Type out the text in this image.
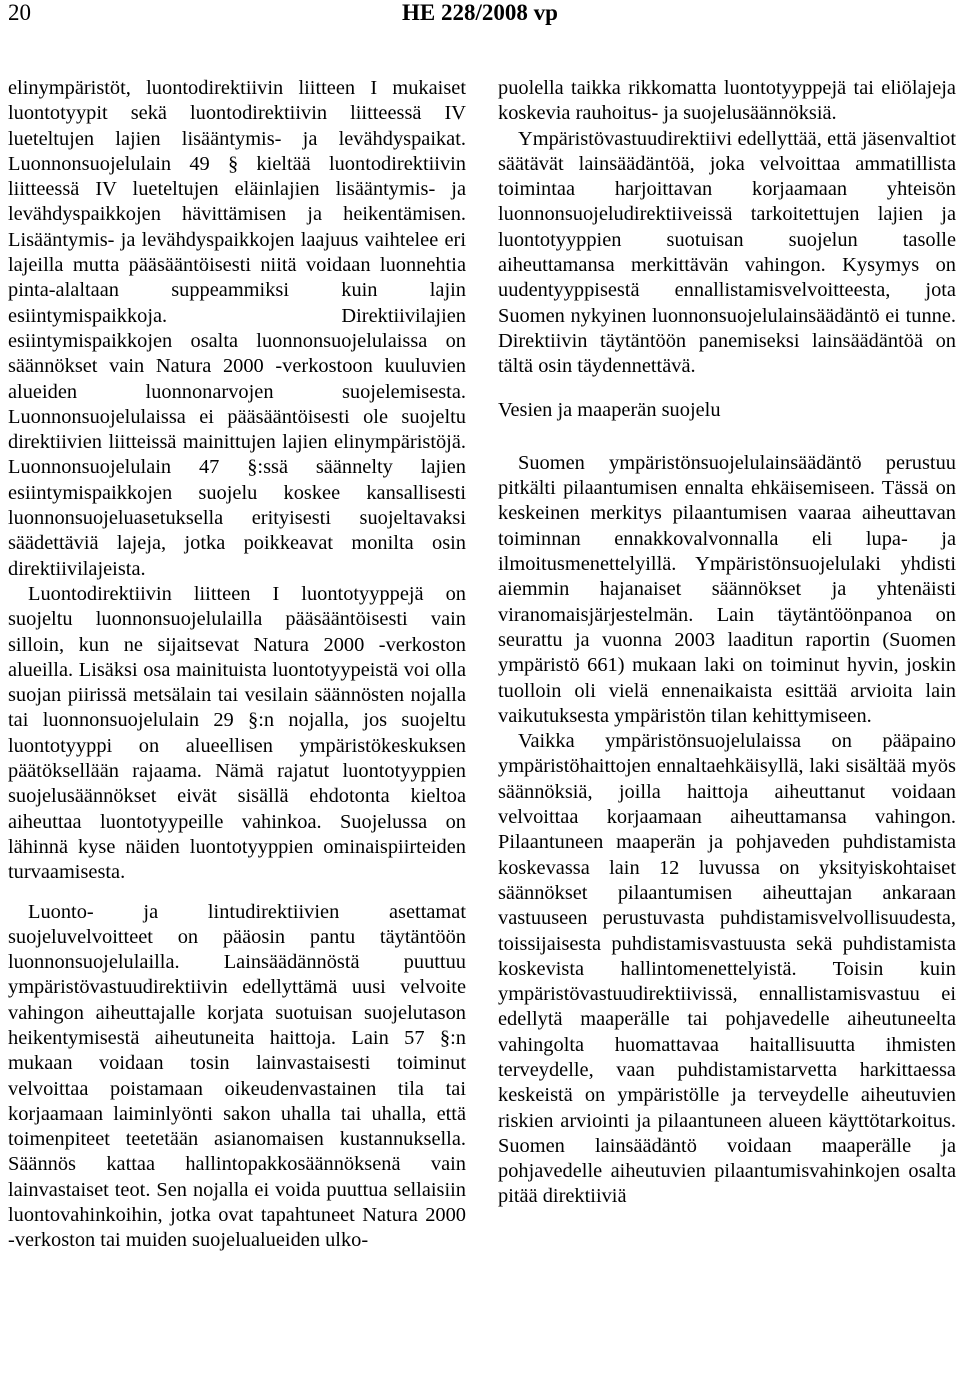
20	HE 228/2008 vp

elinympäristöt, luontodirektiivin liitteen I mukaiset luontotyypit sekä luontodirektiivin liitteessä IV lueteltujen lajien lisääntymis- ja levähdyspaikat. Luonnonsuojelulain 49 § kieltää luontodirektiivin liitteessä IV lueteltujen eläinlajien lisääntymis- ja levähdyspaikkojen hävittämisen ja heikentämisen. Lisääntymis- ja levähdyspaikkojen laajuus vaihtelee eri lajeilla mutta pääsääntöisesti niitä voidaan luonnehtia pinta-alaltaan suppeammiksi kuin lajin esiintymispaikkoja. Direktiivilajien esiintymispaikkojen osalta luonnonsuojelulaissa on säännökset vain Natura 2000 -verkostoon kuuluvien alueiden luonnonarvojen suojelemisesta. Luonnonsuojelulaissa ei pääsääntöisesti ole suojeltu direktiivien liitteissä mainittujen lajien elinympäristöjä. Luonnonsuojelulain 47 §:ssä säännelty lajien esiintymispaikkojen suojelu koskee kansallisesti luonnonsuojeluasetuksella erityisesti suojeltavaksi säädettäviä lajeja, jotka poikkeavat monilta osin direktiivilajeista.

Luontodirektiivin liitteen I luontotyyppejä on suojeltu luonnonsuojelulailla pääsääntöisesti vain silloin, kun ne sijaitsevat Natura 2000 -verkoston alueilla. Lisäksi osa mainituista luontotyypeistä voi olla suojan piirissä metsälain tai vesilain säännösten nojalla tai luonnonsuojelulain 29 §:n nojalla, jos suojeltu luontotyyppi on alueellisen ympäristökeskuksen päätöksellään rajaama. Nämä rajatut luontotyyppien suojelusäännökset eivät sisällä ehdotonta kieltoa aiheuttaa luontotyypeille vahinkoa. Suojelussa on lähinnä kyse näiden luontotyyppien ominaispiirteiden turvaamisesta.

Luonto- ja lintudirektiivien asettamat suojeluvelvoitteet on pääosin pantu täytäntöön luonnonsuojelulailla. Lainsäädännöstä puuttuu ympäristövastuudirektiivin edellyttämä uusi velvoite vahingon aiheuttajalle korjata suotuisan suojelutason heikentymisestä aiheutuneita haittoja. Lain 57 §:n mukaan voidaan tosin lainvastaisesti toiminut velvoittaa poistamaan oikeudenvastainen tila tai korjaamaan laiminlyönti sakon uhalla tai uhalla, että toimenpiteet teetetään asianomaisen kustannuksella. Säännös kattaa hallintopakkosäännöksenä vain lainvastaiset teot. Sen nojalla ei voida puuttua sellaisiin luontovahinkoihin, jotka ovat tapahtuneet Natura 2000 -verkoston tai muiden suojelualueiden ulko-

puolella taikka rikkomatta luontotyyppejä tai eliölajeja koskevia rauhoitus- ja suojelusäännöksiä.

Ympäristövastuudirektiivi edellyttää, että jäsenvaltiot säätävät lainsäädäntöä, joka velvoittaa ammatillista toimintaa harjoittavan korjaamaan yhteisön luonnonsuojeludirektiiveissä tarkoitettujen lajien ja luontotyyppien suotuisan suojelun tasolle aiheuttamansa merkittävän vahingon. Kysymys on uudentyyppisestä ennallistamisvelvoitteesta, jota Suomen nykyinen luonnonsuojelulainsäädäntö ei tunne. Direktiivin täytäntöön panemiseksi lainsäädäntöä on tältä osin täydennettävä.

Vesien ja maaperän suojelu

Suomen ympäristönsuojelulainsäädäntö perustuu pitkälti pilaantumisen ennalta ehkäisemiseen. Tässä on keskeinen merkitys pilaantumisen vaaraa aiheuttavan toiminnan ennakkovalvonnalla eli lupa- ja ilmoitusmenettelyillä. Ympäristönsuojelulaki yhdisti aiemmin hajanaiset säännökset ja yhtenäisti viranomaisjärjestelmän. Lain täytäntöönpanoa on seurattu ja vuonna 2003 laaditun raportin (Suomen ympäristö 661) mukaan laki on toiminut hyvin, joskin tuolloin oli vielä ennenaikaista esittää arvioita lain vaikutuksesta ympäristön tilan kehittymiseen.

Vaikka ympäristönsuojelulaissa on pääpaino ympäristöhaittojen ennaltaehkäisyllä, laki sisältää myös säännöksiä, joilla haittoja aiheuttanut voidaan velvoittaa korjaamaan aiheuttamansa vahingon. Pilaantuneen maaperän ja pohjaveden puhdistamista koskevassa lain 12 luvussa on yksityiskohtaiset säännökset pilaantumisen aiheuttajan ankaraan vastuuseen perustuvasta puhdistamisvelvollisuudesta, toissijaisesta puhdistamisvastuusta sekä puhdistamista koskevista hallintomenettelyistä. Toisin kuin ympäristövastuudirektiivissä, ennallistamisvastuu ei edellytä maaperälle tai pohjavedelle aiheutuneelta vahingolta huomattavaa haitallisuutta ihmisten terveydelle, vaan puhdistamistarvetta harkittaessa keskeistä on ympäristölle ja terveydelle aiheutuvien riskien arviointi ja pilaantuneen alueen käyttötarkoitus. Suomen lainsäädäntö voidaan maaperälle ja pohjavedelle aiheutuvien pilaantumisvahinkojen osalta pitää direktiiviä
